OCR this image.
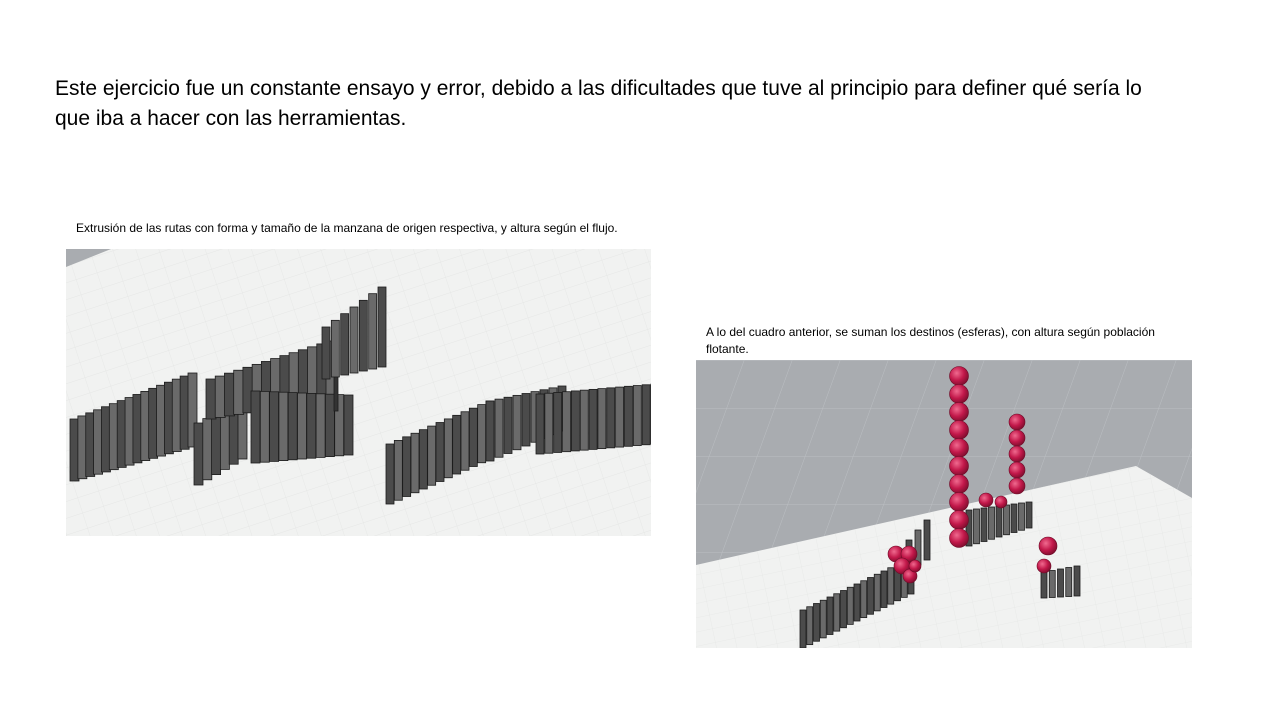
Este ejercicio fue un constante ensayo y error, debido a las dificultades que tuve al principio para definer qué sería lo que iba a hacer con las herramientas.

Extrusión de las rutas con forma y tamaño de la manzana de origen respectiva, y altura según el flujo.

A lo del cuadro anterior, se suman los destinos (esferas), con altura según población flotante.
